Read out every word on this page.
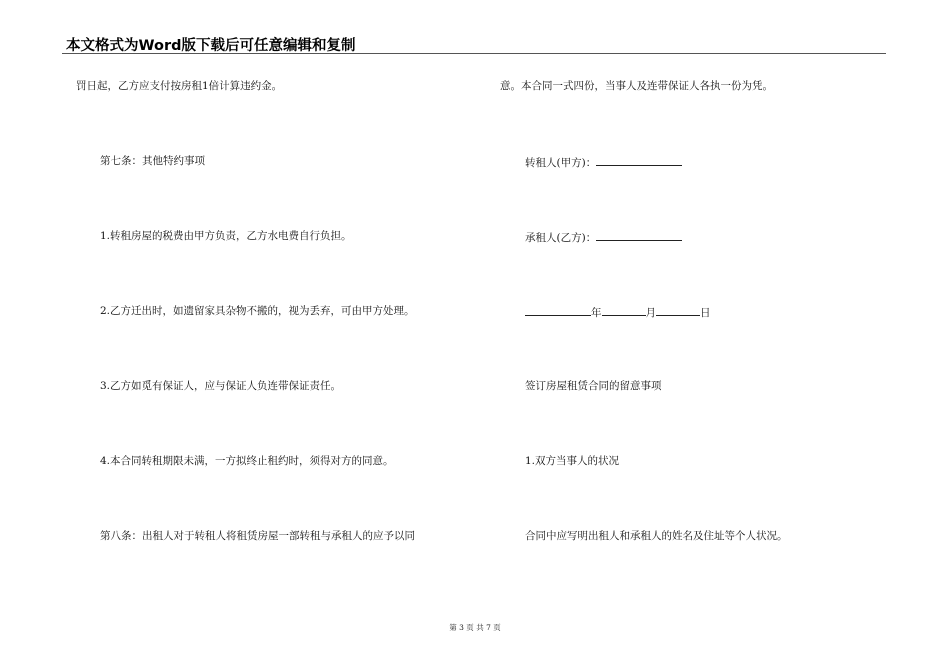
本文格式为Word版下载后可任意编辑和复制
罚日起，乙方应支付按房租1倍计算违约金。
第七条：其他特约事项
1.转租房屋的税费由甲方负责，乙方水电费自行负担。
2.乙方迁出时，如遗留家具杂物不搬的，视为丢弃，可由甲方处理。
3.乙方如觅有保证人，应与保证人负连带保证责任。
4.本合同转租期限未满，一方拟终止租约时，须得对方的同意。
第八条：出租人对于转租人将租赁房屋一部转租与承租人的应予以同
意。本合同一式四份，当事人及连带保证人各执一份为凭。
转租人(甲方)：
承租人(乙方)：
年	月	日
签订房屋租赁合同的留意事项
1.双方当事人的状况
合同中应写明出租人和承租人的姓名及住址等个人状况。
第 3 页 共 7 页
